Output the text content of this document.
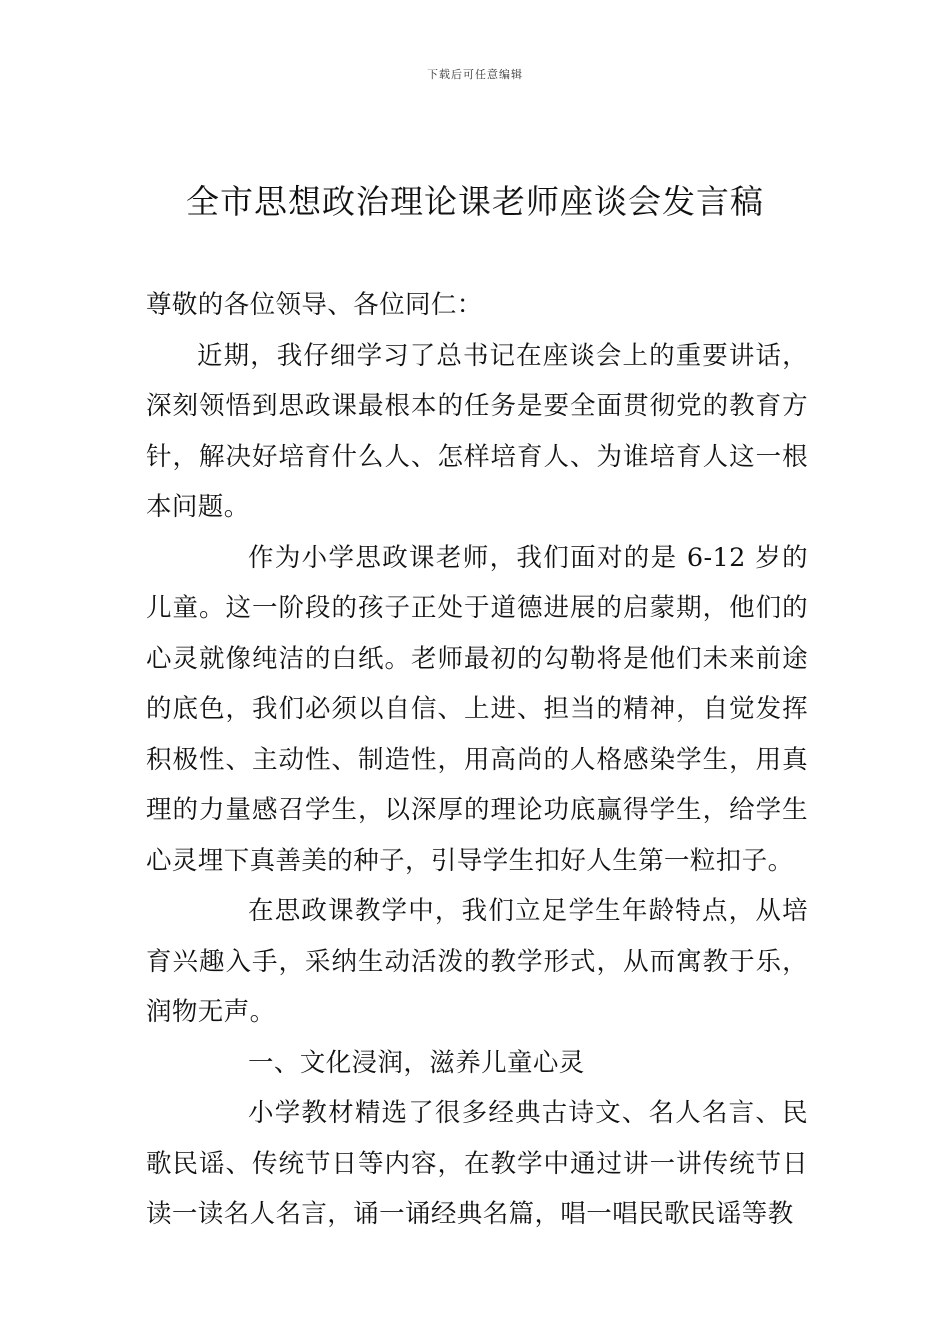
下载后可任意编辑
全市思想政治理论课老师座谈会发言稿

尊敬的各位领导、各位同仁：

近期，我仔细学习了总书记在座谈会上的重要讲话，深刻领悟到思政课最根本的任务是要全面贯彻党的教育方针，解决好培育什么人、怎样培育人、为谁培育人这一根本问题。

作为小学思政课老师，我们面对的是 6-12 岁的儿童。这一阶段的孩子正处于道德进展的启蒙期，他们的心灵就像纯洁的白纸。老师最初的勾勒将是他们未来前途的底色，我们必须以自信、上进、担当的精神，自觉发挥积极性、主动性、制造性，用高尚的人格感染学生，用真理的力量感召学生，以深厚的理论功底赢得学生，给学生心灵埋下真善美的种子，引导学生扣好人生第一粒扣子。

在思政课教学中，我们立足学生年龄特点，从培育兴趣入手，采纳生动活泼的教学形式，从而寓教于乐，润物无声。

一、文化浸润，滋养儿童心灵

小学教材精选了很多经典古诗文、名人名言、民歌民谣、传统节日等内容，在教学中通过讲一讲传统节日读一读名人名言，诵一诵经典名篇，唱一唱民歌民谣等教
